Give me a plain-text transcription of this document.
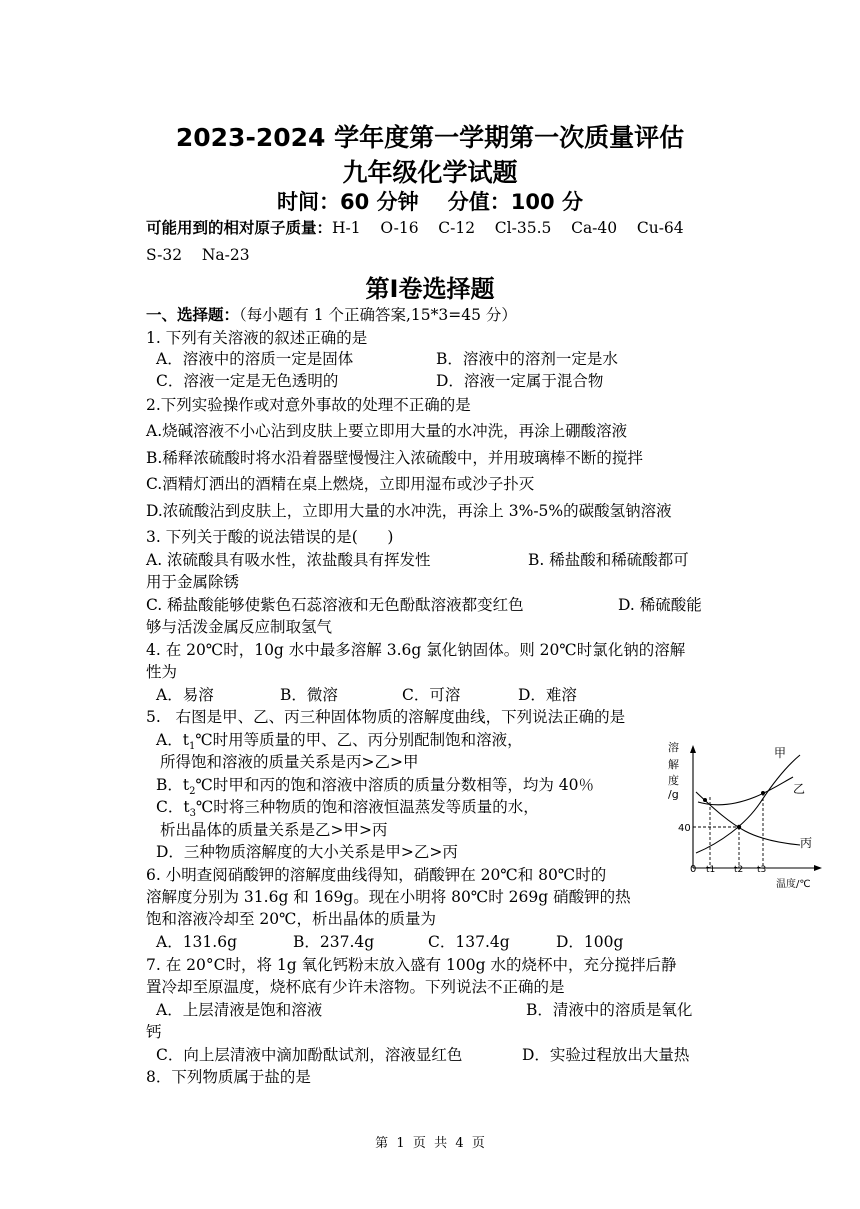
2023-2024 学年度第一学期第一次质量评估
九年级化学试题
时间：60 分钟    分值：100 分
可能用到的相对原子质量：H-1    O-16    C-12    Cl-35.5    Ca-40    Cu-64
S-32    Na-23
第Ⅰ卷选择题
一、选择题：（每小题有 1 个正确答案,15*3=45 分）
1. 下列有关溶液的叙述正确的是
A．溶液中的溶质一定是固体	B．溶液中的溶剂一定是水
C．溶液一定是无色透明的	D．溶液一定属于混合物
2.下列实验操作或对意外事故的处理不正确的是
A.烧碱溶液不小心沾到皮肤上要立即用大量的水冲洗，再涂上硼酸溶液
B.稀释浓硫酸时将水沿着器壁慢慢注入浓硫酸中，并用玻璃棒不断的搅拌
C.酒精灯洒出的酒精在桌上燃烧，立即用湿布或沙子扑灭
D.浓硫酸沾到皮肤上，立即用大量的水冲洗，再涂上 3%-5%的碳酸氢钠溶液
3. 下列关于酸的说法错误的是(      )
A. 浓硫酸具有吸水性，浓盐酸具有挥发性	B. 稀盐酸和稀硫酸都可
用于金属除锈
C. 稀盐酸能够使紫色石蕊溶液和无色酚酞溶液都变红色	D. 稀硫酸能
够与活泼金属反应制取氢气
4. 在 20℃时，10g 水中最多溶解 3.6g 氯化钠固体。则 20℃时氯化钠的溶解
性为
A．易溶	B．微溶	C．可溶	D．难溶
5.   右图是甲、乙、丙三种固体物质的溶解度曲线，下列说法正确的是
A．$t_1℃$时用等质量的甲、乙、丙分别配制饱和溶液，
所得饱和溶液的质量关系是丙>乙>甲
B．$t_2℃$时甲和丙的饱和溶液中溶质的质量分数相等，均为 40％
C．$t_3℃$时将三种物质的饱和溶液恒温蒸发等质量的水，
析出晶体的质量关系是乙>甲>丙
D．三种物质溶解度的大小关系是甲>乙>丙
溶
解
度
/g
40
甲
乙
丙
0 t1 t2 t3
温度/℃
6. 小明查阅硝酸钾的溶解度曲线得知，硝酸钾在 20℃和 80℃时的
溶解度分别为 31.6g 和 169g。现在小明将 80℃时 269g 硝酸钾的热
饱和溶液冷却至 20℃，析出晶体的质量为
A．131.6g	B．237.4g	C．137.4g	D．100g
7. 在 20°C时，将 1g 氧化钙粉末放入盛有 100g 水的烧杯中，充分搅拌后静
置冷却至原温度，烧杯底有少许未溶物。下列说法不正确的是
A．上层清液是饱和溶液	B．清液中的溶质是氧化
钙
C．向上层清液中滴加酚酞试剂，溶液显红色	D．实验过程放出大量热
8．下列物质属于盐的是
第  1  页  共  4  页
